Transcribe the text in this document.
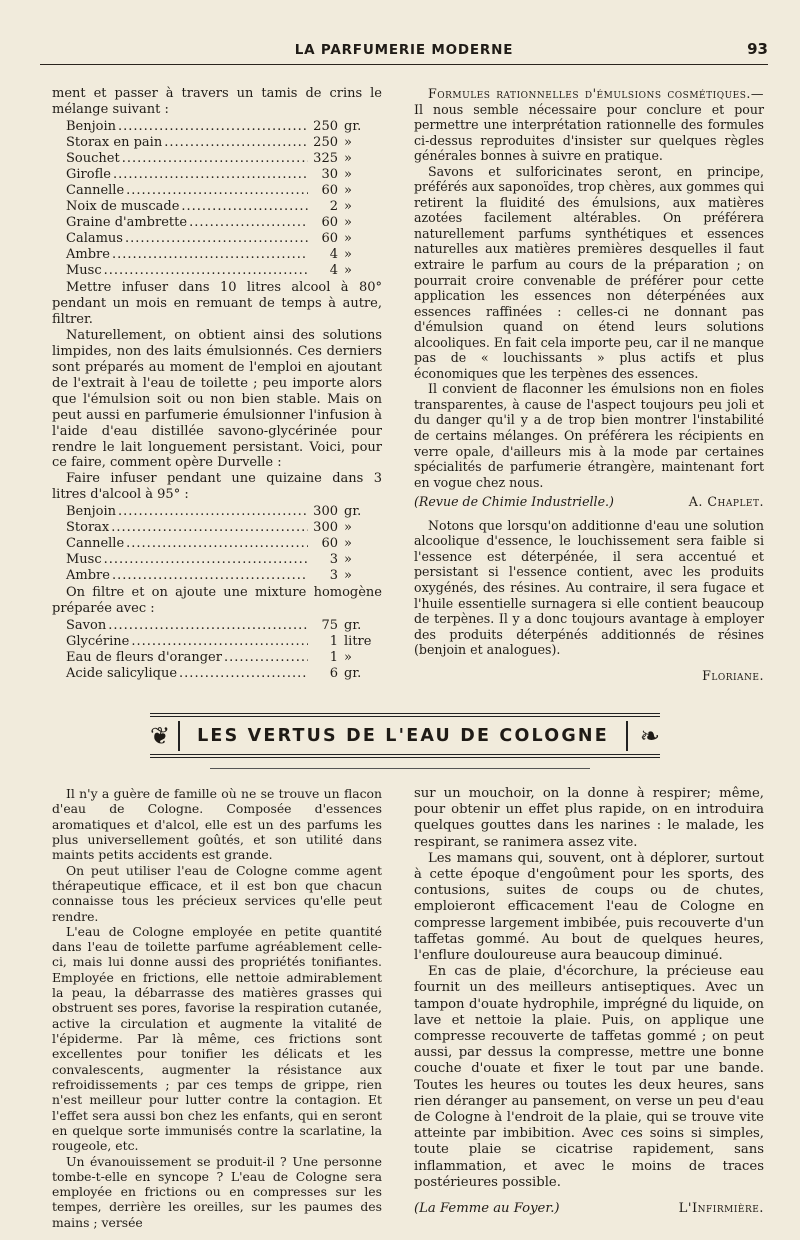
LA PARFUMERIE MODERNE	93

ment et passer à travers un tamis de crins le mélange suivant :

Benjoin .....	250 gr.
Storax en pain .....	250 »
Souchet .....	325 »
Girofle .....	30 »
Cannelle .....	60 »
Noix de muscade .....	2 »
Graine d'ambrette .....	60 »
Calamus .....	60 »
Ambre .....	4 »
Musc .....	4 »

Mettre infuser dans 10 litres alcool à 80° pendant un mois en remuant de temps à autre, filtrer.

Naturellement, on obtient ainsi des solutions limpides, non des laits émulsionnés. Ces derniers sont préparés au moment de l'emploi en ajoutant de l'extrait à l'eau de toilette ; peu importe alors que l'émulsion soit ou non bien stable. Mais on peut aussi en parfumerie émulsionner l'infusion à l'aide d'eau distillée savono-glycérinée pour rendre le lait longuement persistant. Voici, pour ce faire, comment opère Durvelle :

Faire infuser pendant une quizaine dans 3 litres d'alcool à 95° :

Benjoin .....	300 gr.
Storax .....	300 »
Cannelle .....	60 »
Musc .....	3 »
Ambre .....	3 »

On filtre et on ajoute une mixture homogène préparée avec :

Savon .....	75 gr.
Glycérine .....	1 litre
Eau de fleurs d'oranger .....	1 »
Acide salicylique .....	6 gr.

Formules rationnelles d'émulsions cosmétiques.— Il nous semble nécessaire pour conclure et pour permettre une interprétation rationnelle des formules ci-dessus reproduites d'insister sur quelques règles générales bonnes à suivre en pratique.

Savons et sulforicinates seront, en principe, préférés aux saponoïdes, trop chères, aux gommes qui retirent la fluidité des émulsions, aux matières azotées facilement altérables. On préférera naturellement parfums synthétiques et essences naturelles aux matières premières desquelles il faut extraire le parfum au cours de la préparation ; on pourrait croire convenable de préférer pour cette application les essences non déterpénées aux essences raffinées : celles-ci ne donnant pas d'émulsion quand on étend leurs solutions alcooliques. En fait cela importe peu, car il ne manque pas de « louchissants » plus actifs et plus économiques que les terpènes des essences.

Il convient de flaconner les émulsions non en fioles transparentes, à cause de l'aspect toujours peu joli et du danger qu'il y a de trop bien montrer l'instabilité de certains mélanges. On préférera les récipients en verre opale, d'ailleurs mis à la mode par certaines spécialités de parfumerie étrangère, maintenant fort en vogue chez nous.

(Revue de Chimie Industrielle.)	A. Chaplet.

Notons que lorsqu'on additionne d'eau une solution alcoolique d'essence, le louchissement sera faible si l'essence est déterpénée, il sera accentué et persistant si l'essence contient, avec les produits oxygénés, des résines. Au contraire, il sera fugace et l'huile essentielle surnagera si elle contient beaucoup de terpènes. Il y a donc toujours avantage à employer des produits déterpénés additionnés de résines (benjoin et analogues).

Floriane.
❦ LES VERTUS DE L'EAU DE COLOGNE ❧

Il n'y a guère de famille où ne se trouve un flacon d'eau de Cologne. Composée d'essences aromatiques et d'alcol, elle est un des parfums les plus universellement goûtés, et son utilité dans maints petits accidents est grande.

On peut utiliser l'eau de Cologne comme agent thérapeutique efficace, et il est bon que chacun connaisse tous les précieux services qu'elle peut rendre.

L'eau de Cologne employée en petite quantité dans l'eau de toilette parfume agréablement celle-ci, mais lui donne aussi des propriétés tonifiantes. Employée en frictions, elle nettoie admirablement la peau, la débarrasse des matières grasses qui obstruent ses pores, favorise la respiration cutanée, active la circulation et augmente la vitalité de l'épiderme. Par là même, ces frictions sont excellentes pour tonifier les délicats et les convalescents, augmenter la résistance aux refroidissements ; par ces temps de grippe, rien n'est meilleur pour lutter contre la contagion. Et l'effet sera aussi bon chez les enfants, qui en seront en quelque sorte immunisés contre la scarlatine, la rougeole, etc.

Un évanouissement se produit-il ? Une personne tombe-t-elle en syncope ? L'eau de Cologne sera employée en frictions ou en compresses sur les tempes, derrière les oreilles, sur les paumes des mains ; versée

sur un mouchoir, on la donne à respirer; même, pour obtenir un effet plus rapide, on en introduira quelques gouttes dans les narines : le malade, les respirant, se ranimera assez vite.

Les mamans qui, souvent, ont à déplorer, surtout à cette époque d'engoûment pour les sports, des contusions, suites de coups ou de chutes, emploieront efficacement l'eau de Cologne en compresse largement imbibée, puis recouverte d'un taffetas gommé. Au bout de quelques heures, l'enflure douloureuse aura beaucoup diminué.

En cas de plaie, d'écorchure, la précieuse eau fournit un des meilleurs antiseptiques. Avec un tampon d'ouate hydrophile, imprégné du liquide, on lave et nettoie la plaie. Puis, on applique une compresse recouverte de taffetas gommé ; on peut aussi, par dessus la compresse, mettre une bonne couche d'ouate et fixer le tout par une bande. Toutes les heures ou toutes les deux heures, sans rien déranger au pansement, on verse un peu d'eau de Cologne à l'endroit de la plaie, qui se trouve vite atteinte par imbibition. Avec ces soins si simples, toute plaie se cicatrise rapidement, sans inflammation, et avec le moins de traces postérieures possible.

(La Femme au Foyer.)	L'Infirmière.
